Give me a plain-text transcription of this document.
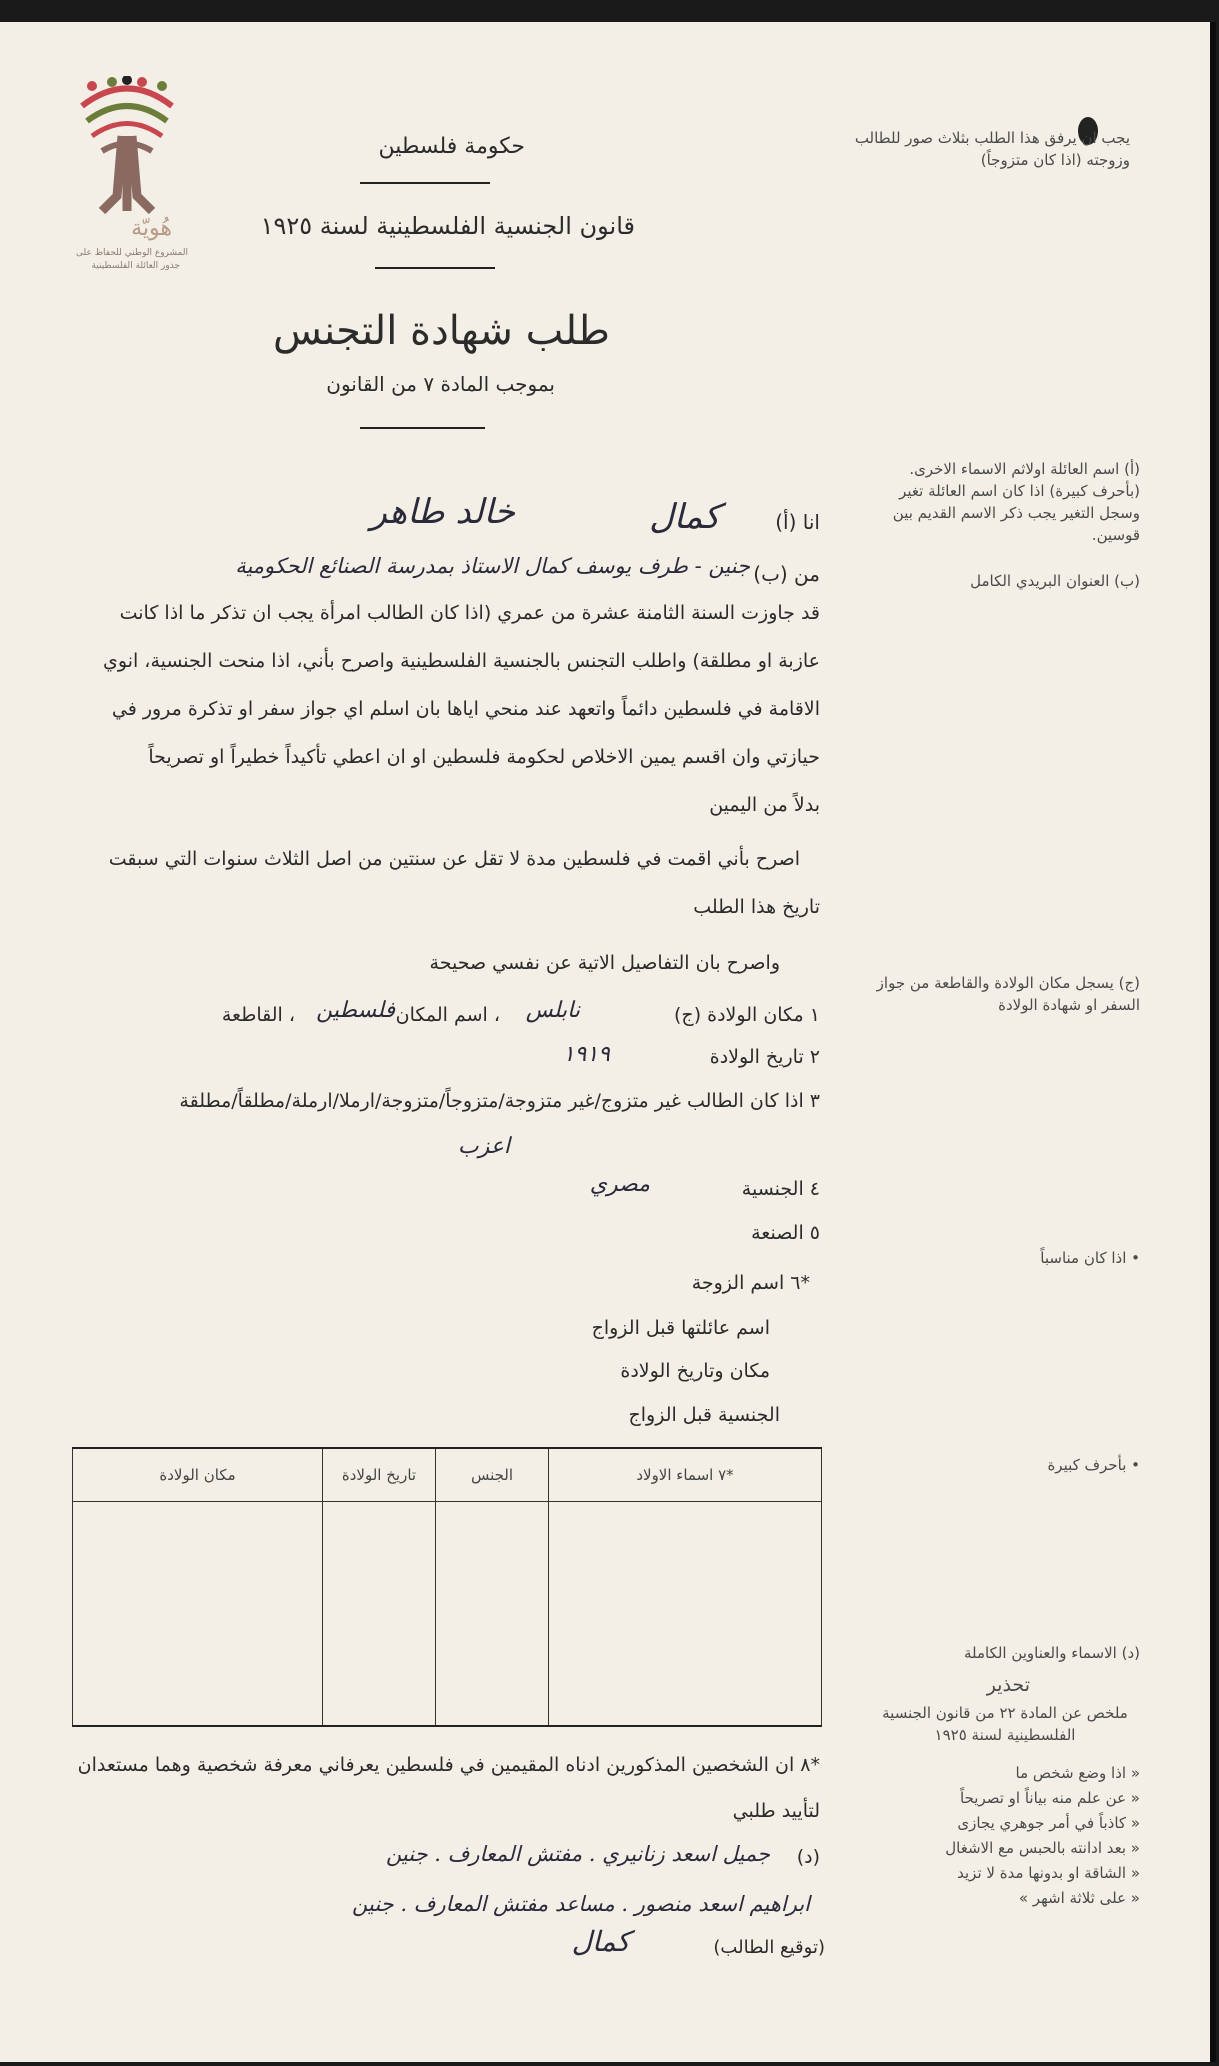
هُويّة
المشروع الوطني للحفاظ على
جذور العائلة الفلسطينية
حكومة فلسطين
قانون الجنسية الفلسطينية لسنة ١٩٢٥
طلب شهادة التجنس
بموجب المادة ٧ من القانون
يجب ان يرفق هذا الطلب بثلاث صور للطالب وزوجته (اذا كان متزوجاً)
(أ) اسم العائلة اولاثم الاسماء الاخرى. (بأحرف كبيرة) اذا كان اسم العائلة تغير وسجل التغير يجب ذكر الاسم القديم بين قوسين.
(ب) العنوان البريدي الكامل
(ج) يسجل مكان الولادة والقاطعة من جواز السفر او شهادة الولادة
• اذا كان مناسباً
• بأحرف كبيرة
(د) الاسماء والعناوين الكاملة
تحذير
ملخص عن المادة ٢٢ من قانون الجنسية الفلسطينية لسنة ١٩٢٥
« اذا وضع شخص ما
« عن علم منه بياناً او تصريحاً
« كاذباً في أمر جوهري يجازى
« بعد ادانته بالحبس مع الاشغال
« الشاقة او بدونها مدة لا تزيد
« على ثلاثة اشهر »
انا (أ)
كمال
خالد طاهر
من (ب)
جنين - طرف يوسف كمال الاستاذ بمدرسة الصنائع الحكومية
قد جاوزت السنة الثامنة عشرة من عمري (اذا كان الطالب امرأة يجب ان تذكر ما اذا كانت
عازبة او مطلقة) واطلب التجنس بالجنسية الفلسطينية واصرح بأني، اذا منحت الجنسية، انوي
الاقامة في فلسطين دائماً واتعهد عند منحي اياها بان اسلم اي جواز سفر او تذكرة مرور في
حيازتي وان اقسم يمين الاخلاص لحكومة فلسطين او ان اعطي تأكيداً خطيراً او تصريحاً
بدلاً من اليمين
اصرح بأني اقمت في فلسطين مدة لا تقل عن سنتين من اصل الثلاث سنوات التي سبقت
تاريخ هذا الطلب
واصرح بان التفاصيل الاتية عن نفسي صحيحة
١ مكان الولادة (ج)
نابلس
، اسم المكان
فلسطين
، القاطعة
٢ تاريخ الولادة
١٩١٩
٣ اذا كان الطالب غير متزوج/غير متزوجة/متزوجاً/متزوجة/ارملا/ارملة/مطلقاً/مطلقة
اعزب
٤ الجنسية
مصري
٥ الصنعة
*٦ اسم الزوجة
اسم عائلتها قبل الزواج
مكان وتاريخ الولادة
الجنسية قبل الزواج
*٧ اسماء الاولاد	الجنس	تاريخ الولادة	مكان الولادة

*٨ ان الشخصين المذكورين ادناه المقيمين في فلسطين يعرفاني معرفة شخصية وهما مستعدان
لتأييد طلبي
(د)
جميل اسعد زنانيري . مفتش المعارف . جنين
ابراهيم اسعد منصور . مساعد مفتش المعارف . جنين
(توقيع الطالب)
كمال
